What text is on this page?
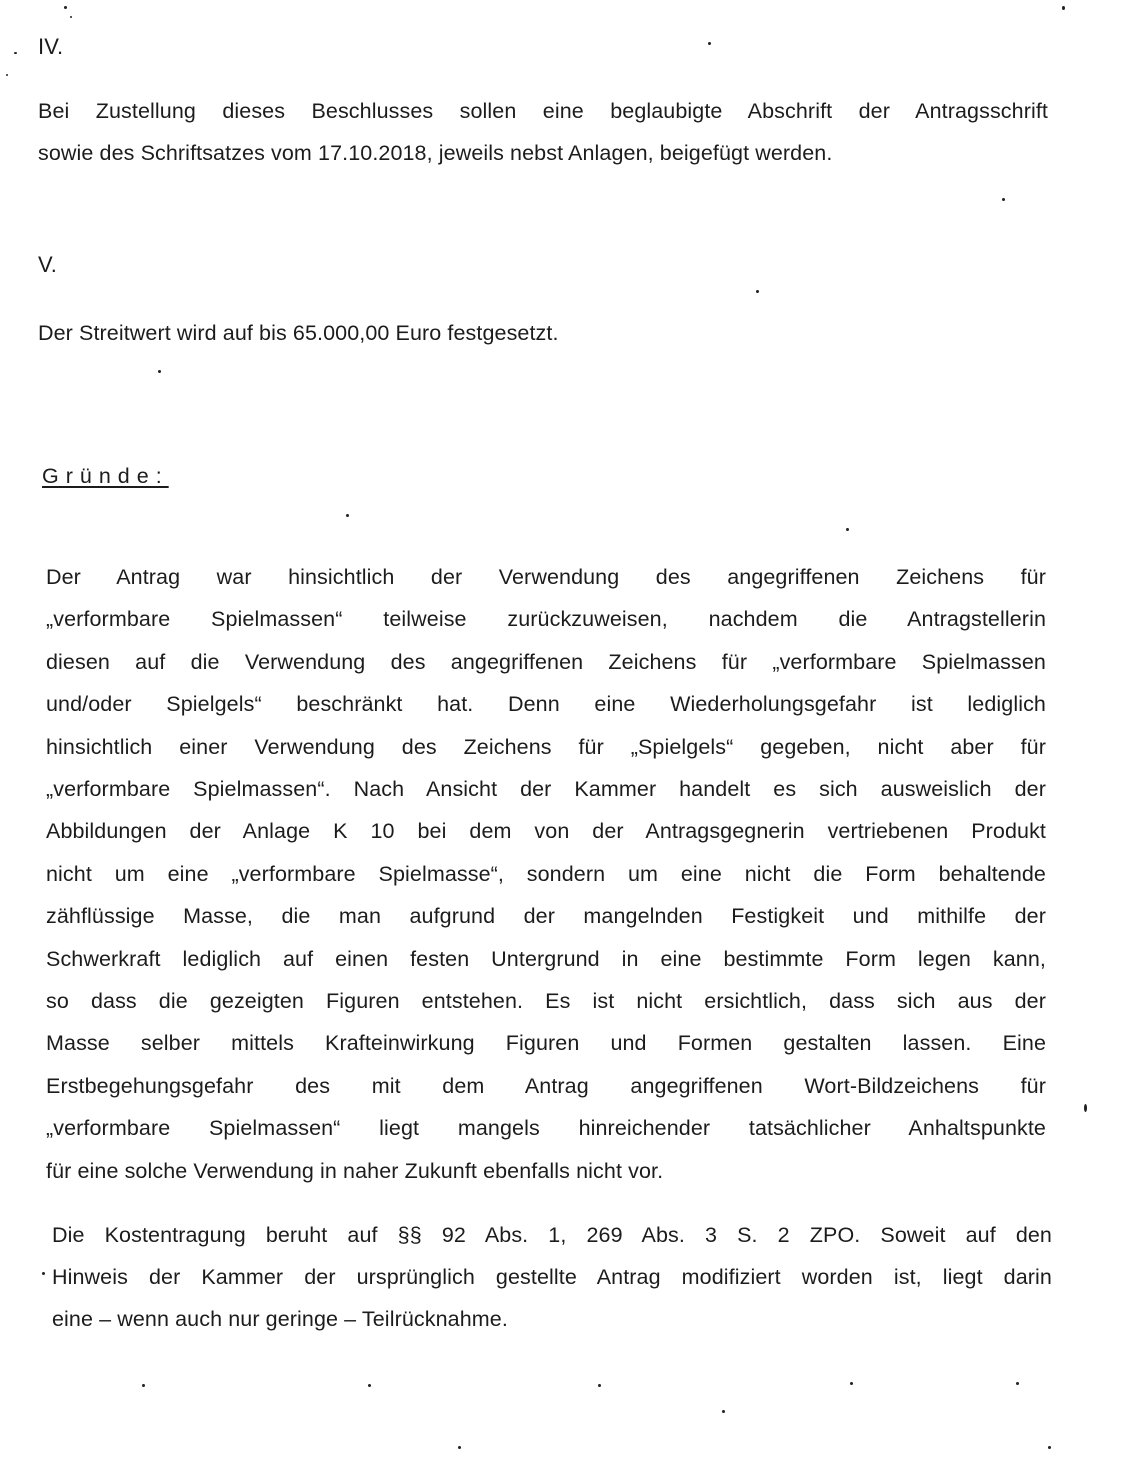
IV.
Bei Zustellung dieses Beschlusses sollen eine beglaubigte Abschrift der Antragsschrift
sowie des Schriftsatzes vom 17.10.2018, jeweils nebst Anlagen, beigefügt werden.
V.
Der Streitwert wird auf bis 65.000,00 Euro festgesetzt.
Gründe:
Der Antrag war hinsichtlich der Verwendung des angegriffenen Zeichens für
„verformbare Spielmassen“ teilweise zurückzuweisen, nachdem die Antragstellerin
diesen auf die Verwendung des angegriffenen Zeichens für „verformbare Spielmassen
und/oder Spielgels“ beschränkt hat. Denn eine Wiederholungsgefahr ist lediglich
hinsichtlich einer Verwendung des Zeichens für „Spielgels“ gegeben, nicht aber für
„verformbare Spielmassen“. Nach Ansicht der Kammer handelt es sich ausweislich der
Abbildungen der Anlage K 10 bei dem von der Antragsgegnerin vertriebenen Produkt
nicht um eine „verformbare Spielmasse“, sondern um eine nicht die Form behaltende
zähflüssige Masse, die man aufgrund der mangelnden Festigkeit und mithilfe der
Schwerkraft lediglich auf einen festen Untergrund in eine bestimmte Form legen kann,
so dass die gezeigten Figuren entstehen. Es ist nicht ersichtlich, dass sich aus der
Masse selber mittels Krafteinwirkung Figuren und Formen gestalten lassen. Eine
Erstbegehungsgefahr des mit dem Antrag angegriffenen Wort-Bildzeichens für
„verformbare Spielmassen“ liegt mangels hinreichender tatsächlicher Anhaltspunkte
für eine solche Verwendung in naher Zukunft ebenfalls nicht vor.
Die Kostentragung beruht auf §§ 92 Abs. 1, 269 Abs. 3 S. 2 ZPO. Soweit auf den
Hinweis der Kammer der ursprünglich gestellte Antrag modifiziert worden ist, liegt darin
eine – wenn auch nur geringe – Teilrücknahme.
